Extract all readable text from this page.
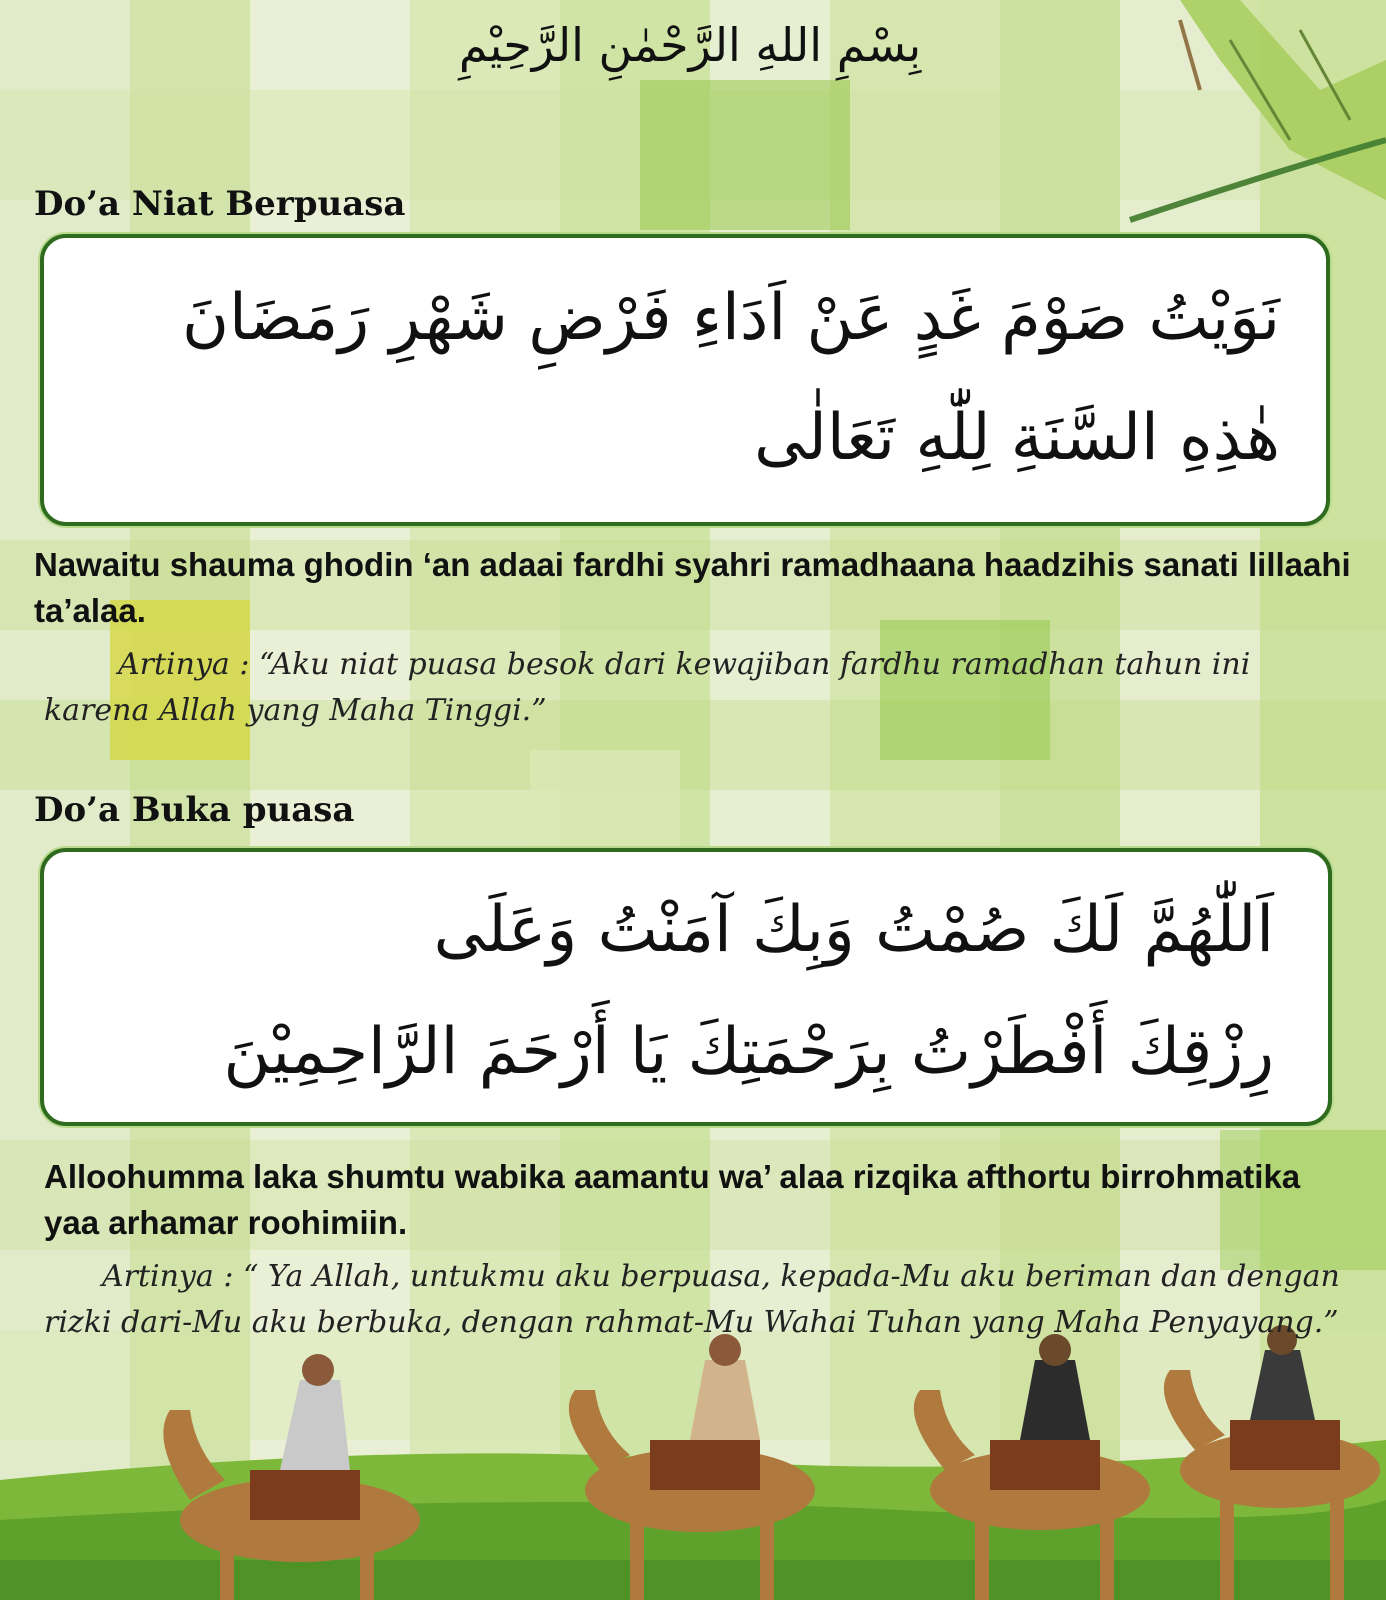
بِسْمِ اللهِ الرَّحْمٰنِ الرَّحِيْمِ
Do’a Niat Berpuasa
نَوَيْتُ صَوْمَ غَدٍ عَنْ اَدَاءِ فَرْضِ شَهْرِ رَمَضَانَ
هٰذِهِ السَّنَةِ لِلّٰهِ تَعَالٰى
Nawaitu shauma ghodin ‘an adaai fardhi syahri ramadhaana haadzihis sanati lillaahi ta’alaa.
Artinya : “Aku niat puasa besok dari kewajiban fardhu ramadhan tahun ini karena Allah yang Maha Tinggi.”
Do’a Buka puasa
اَللّٰهُمَّ لَكَ صُمْتُ وَبِكَ آمَنْتُ وَعَلَى
رِزْقِكَ أَفْطَرْتُ بِرَحْمَتِكَ يَا أَرْحَمَ الرَّاحِمِيْنَ
Alloohumma laka shumtu wabika aamantu wa’ alaa rizqika afthortu birrohmatika yaa arhamar roohimiin.
Artinya : “ Ya Allah, untukmu aku berpuasa, kepada-Mu aku beriman dan dengan rizki dari-Mu aku berbuka, dengan rahmat-Mu Wahai Tuhan yang Maha Penyayang.”
